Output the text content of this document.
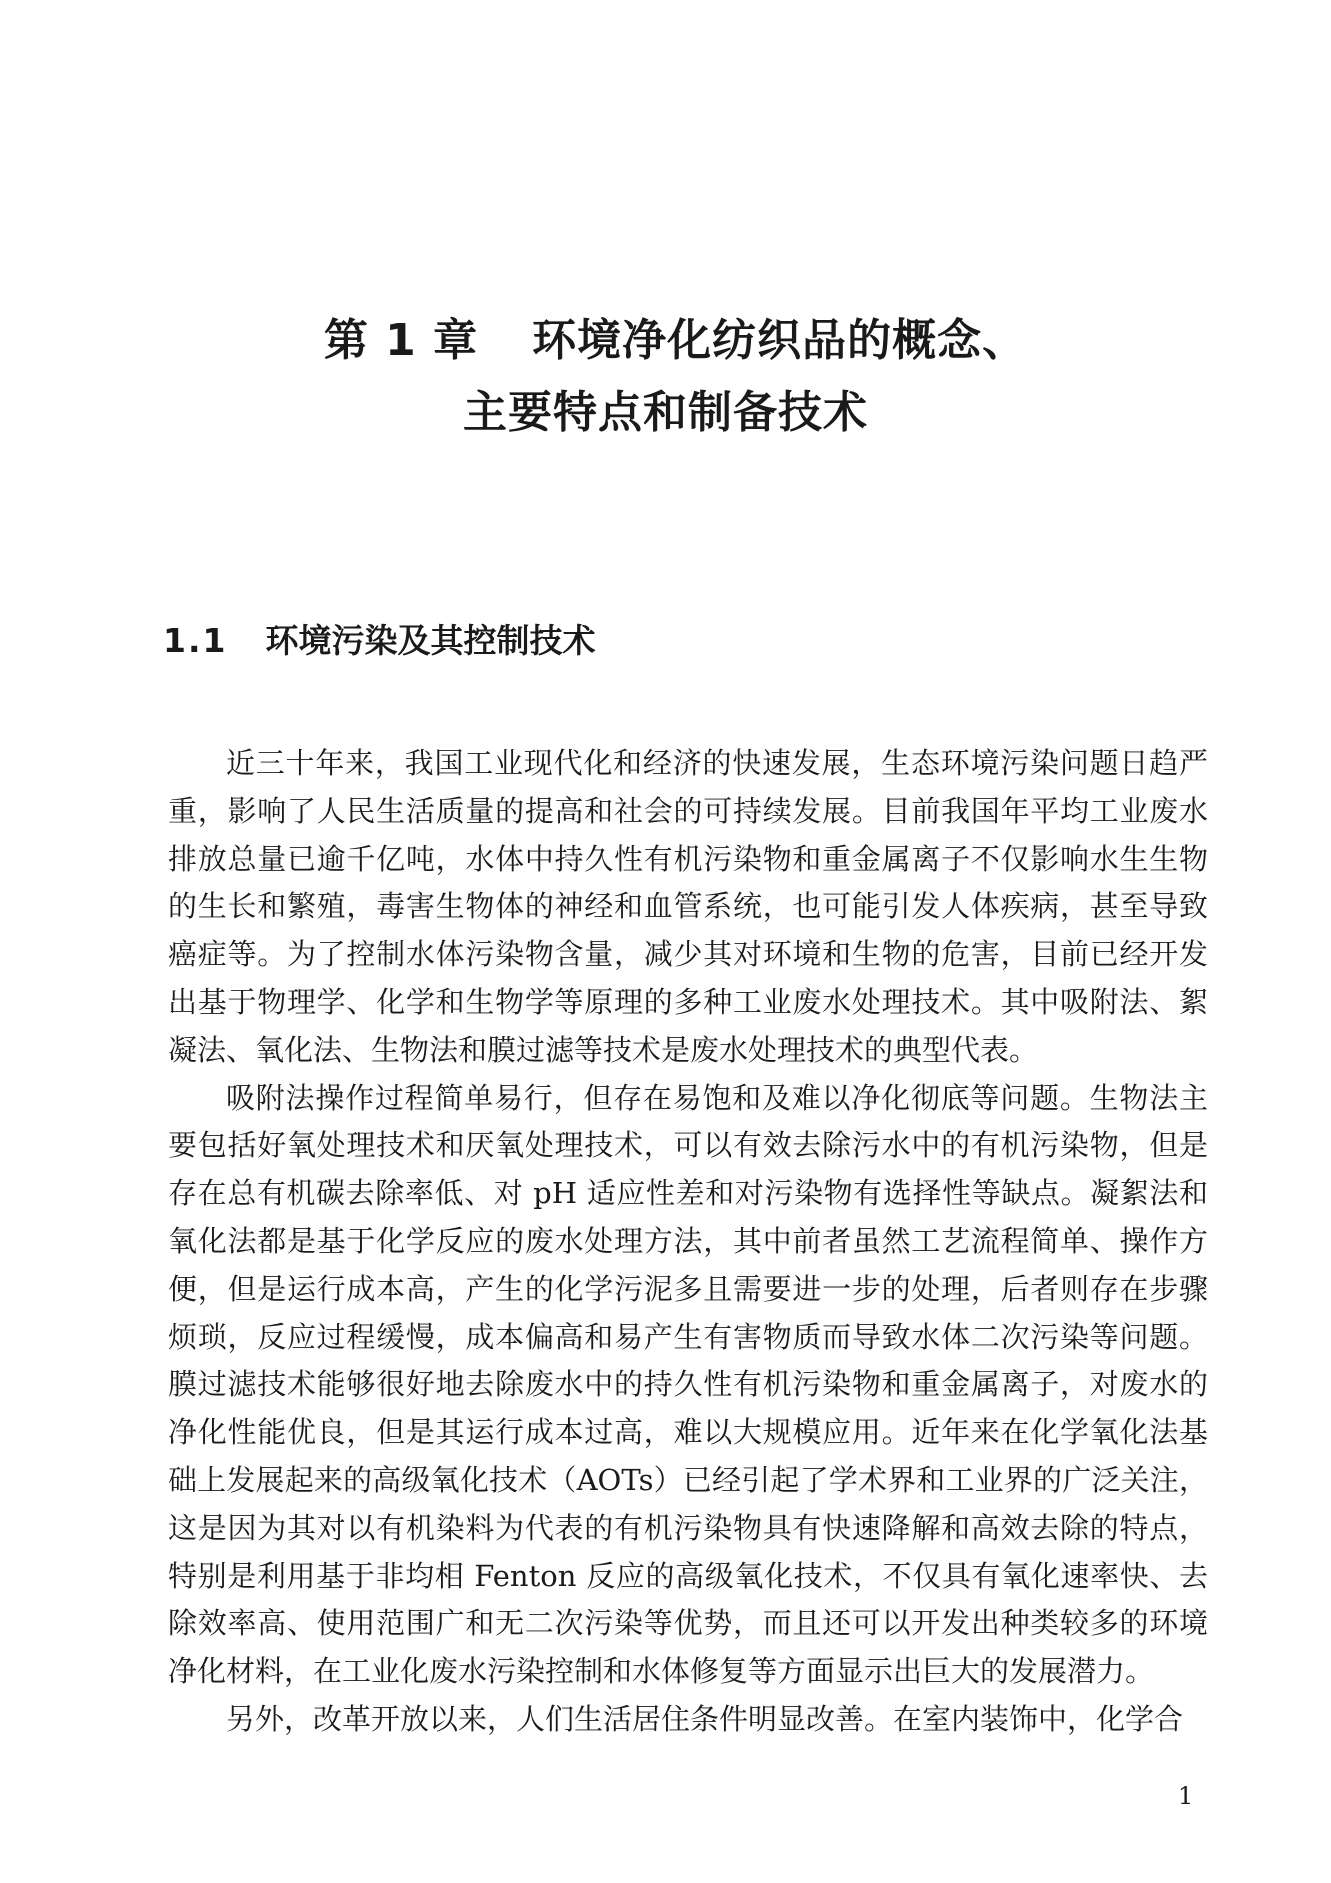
第 1 章 环境净化纺织品的概念、
主要特点和制备技术
1.1 环境污染及其控制技术

近三十年来，我国工业现代化和经济的快速发展，生态环境污染问题日趋严重，影响了人民生活质量的提高和社会的可持续发展。目前我国年平均工业废水排放总量已逾千亿吨，水体中持久性有机污染物和重金属离子不仅影响水生生物的生长和繁殖，毒害生物体的神经和血管系统，也可能引发人体疾病，甚至导致癌症等。为了控制水体污染物含量，减少其对环境和生物的危害，目前已经开发出基于物理学、化学和生物学等原理的多种工业废水处理技术。其中吸附法、絮凝法、氧化法、生物法和膜过滤等技术是废水处理技术的典型代表。

吸附法操作过程简单易行，但存在易饱和及难以净化彻底等问题。生物法主要包括好氧处理技术和厌氧处理技术，可以有效去除污水中的有机污染物，但是存在总有机碳去除率低、对 pH 适应性差和对污染物有选择性等缺点。凝絮法和氧化法都是基于化学反应的废水处理方法，其中前者虽然工艺流程简单、操作方便，但是运行成本高，产生的化学污泥多且需要进一步的处理，后者则存在步骤烦琐，反应过程缓慢，成本偏高和易产生有害物质而导致水体二次污染等问题。膜过滤技术能够很好地去除废水中的持久性有机污染物和重金属离子，对废水的净化性能优良，但是其运行成本过高，难以大规模应用。近年来在化学氧化法基础上发展起来的高级氧化技术（AOTs）已经引起了学术界和工业界的广泛关注，这是因为其对以有机染料为代表的有机污染物具有快速降解和高效去除的特点，特别是利用基于非均相 Fenton 反应的高级氧化技术，不仅具有氧化速率快、去除效率高、使用范围广和无二次污染等优势，而且还可以开发出种类较多的环境净化材料，在工业化废水污染控制和水体修复等方面显示出巨大的发展潜力。

另外，改革开放以来，人们生活居住条件明显改善。在室内装饰中，化学合

1
